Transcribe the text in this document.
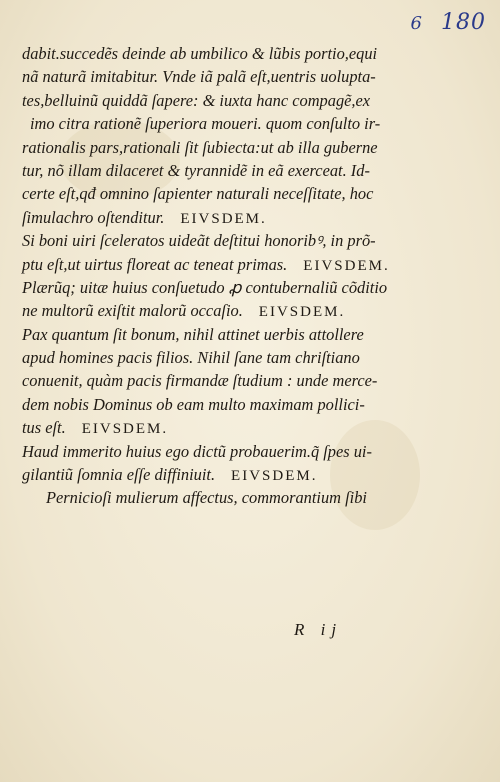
6 180
dabit.succedẽs deinde ab umbilico & lũbis portio,equi
nã naturã imitabitur. Vnde iã palã eſt,uentris uolupta-
tes,belluinũ quiddã ſapere: & iuxta hanc compagẽ,ex
imo citra rationẽ ſuperiora moueri. quom conſulto ir-
rationalis pars,rationali ſit ſubiecta:ut ab illa guberne
tur, nõ illam dilaceret & tyrannidẽ in eã exerceat. Id-
certe eſt,qđ omnino ſapienter naturali neceſſitate, hoc
ſimulachro oſtenditur. EIVSDEM.
Si boni uiri ſceleratos uideãt deſtitui honoribꝰ, in prõ-
ptu eſt,ut uirtus floreat ac teneat primas. EIVSDEM.
Plærũq; uitæ huius conſuetudo ꝓ contubernaliũ cõditio
ne multorũ exiſtit malorũ occaſio. EIVSDEM.
Pax quantum ſit bonum, nihil attinet uerbis attollere
apud homines pacis filios. Nihil ſane tam chriſtiano
conuenit, quàm pacis firmandæ ſtudium : unde merce-
dem nobis Dominus ob eam multo maximam pollici-
tus eſt. EIVSDEM.
Haud immerito huius ego dictũ probauerim.q̃ ſpes ui-
gilantiũ ſomnia eſſe diffiniuit. EIVSDEM.
Pernicioſi mulierum affectus, commorantium ſibi
R ij
